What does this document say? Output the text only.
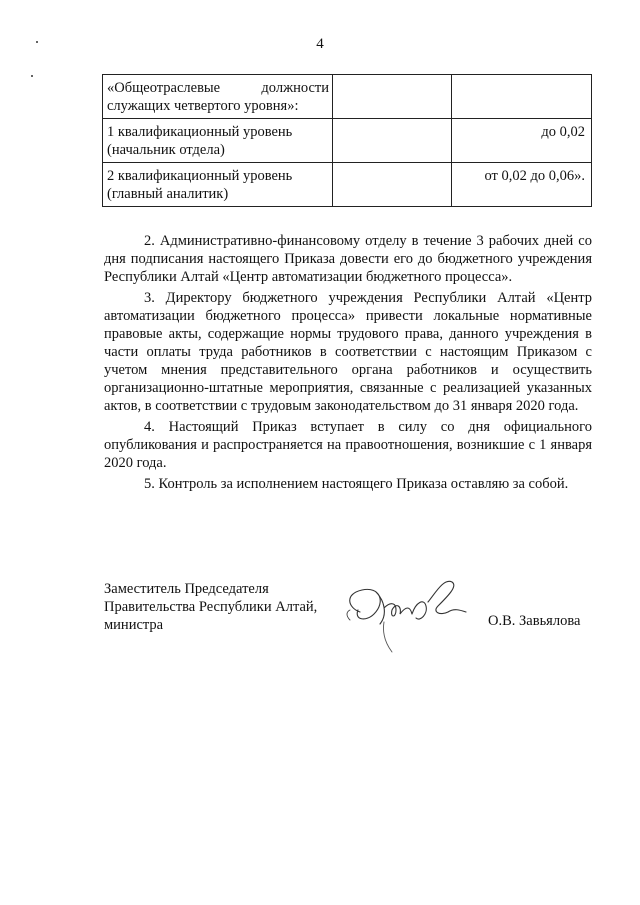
4
«Общеотраслевые должности
служащих четвертого уровня»:		

1 квалификационный уровень
(начальник отдела)		до 0,02

2 квалификационный уровень
(главный аналитик)		от 0,02 до 0,06».

2. Административно-финансовому отделу в течение 3 рабочих дней со дня подписания настоящего Приказа довести его до бюджетного учреждения Республики Алтай «Центр автоматизации бюджетного процесса».

3. Директору бюджетного учреждения Республики Алтай «Центр автоматизации бюджетного процесса» привести локальные нормативные правовые акты, содержащие нормы трудового права, данного учреждения в части оплаты труда работников в соответствии с настоящим Приказом с учетом мнения представительного органа работников и осуществить организационно-штатные мероприятия, связанные с реализацией указанных актов, в соответствии с трудовым законодательством до 31 января 2020 года.

4. Настоящий Приказ вступает в силу со дня официального опубликования и распространяется на правоотношения, возникшие с 1 января 2020 года.

5. Контроль за исполнением настоящего Приказа оставляю за собой.

Заместитель Председателя
Правительства Республики Алтай,
министра	О.В. Завьялова
